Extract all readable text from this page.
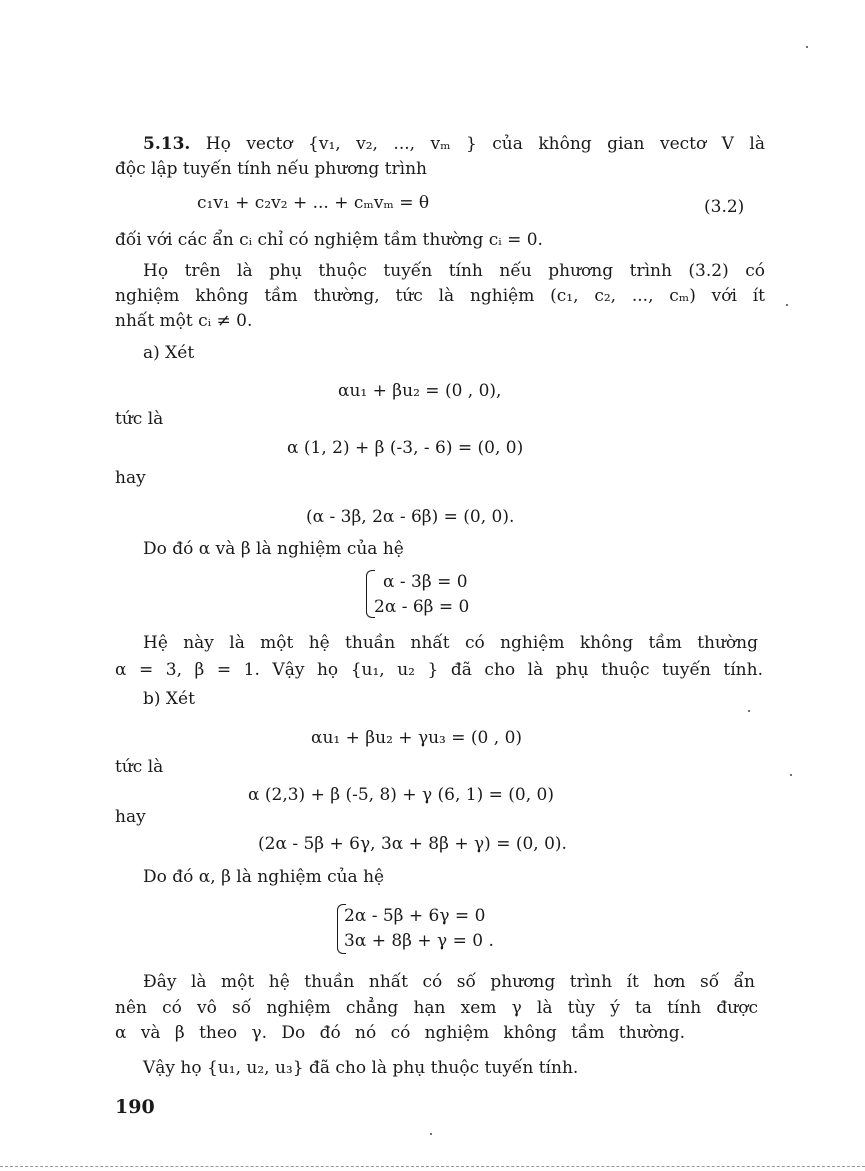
5.13. Họ vectơ {v₁, v₂, ..., vₘ } của không gian vectơ V là
độc lập tuyến tính nếu phương trình
c₁v₁ + c₂v₂ + ... + cₘvₘ = θ	(3.2)
đối với các ẩn cᵢ chỉ có nghiệm tầm thường cᵢ = 0.
Họ trên là phụ thuộc tuyến tính nếu phương trình (3.2) có
nghiệm không tầm thường, tức là nghiệm (c₁, c₂, ..., cₘ) với ít
nhất một cᵢ ≠ 0.
a) Xét
αu₁ + βu₂ = (0 , 0),
tức là
α (1, 2) + β (-3, - 6) = (0, 0)
hay
(α - 3β, 2α - 6β) = (0, 0).
Do đó α và β là nghiệm của hệ
α - 3β = 0
2α - 6β = 0
Hệ này là một hệ thuần nhất có nghiệm không tầm thường
α = 3, β = 1. Vậy họ {u₁, u₂ } đã cho là phụ thuộc tuyến tính.
b) Xét
αu₁ + βu₂ + γu₃ = (0 , 0)
tức là
α (2,3) + β (-5, 8) + γ (6, 1) = (0, 0)
hay
(2α - 5β + 6γ, 3α + 8β + γ) = (0, 0).
Do đó α, β là nghiệm của hệ
2α - 5β + 6γ = 0
3α + 8β + γ = 0 .
Đây là một hệ thuần nhất có số phương trình ít hơn số ẩn
nên có vô số nghiệm chẳng hạn xem γ là tùy ý ta tính được
α và β theo γ. Do đó nó có nghiệm không tầm thường.
Vậy họ {u₁, u₂, u₃} đã cho là phụ thuộc tuyến tính.
190
